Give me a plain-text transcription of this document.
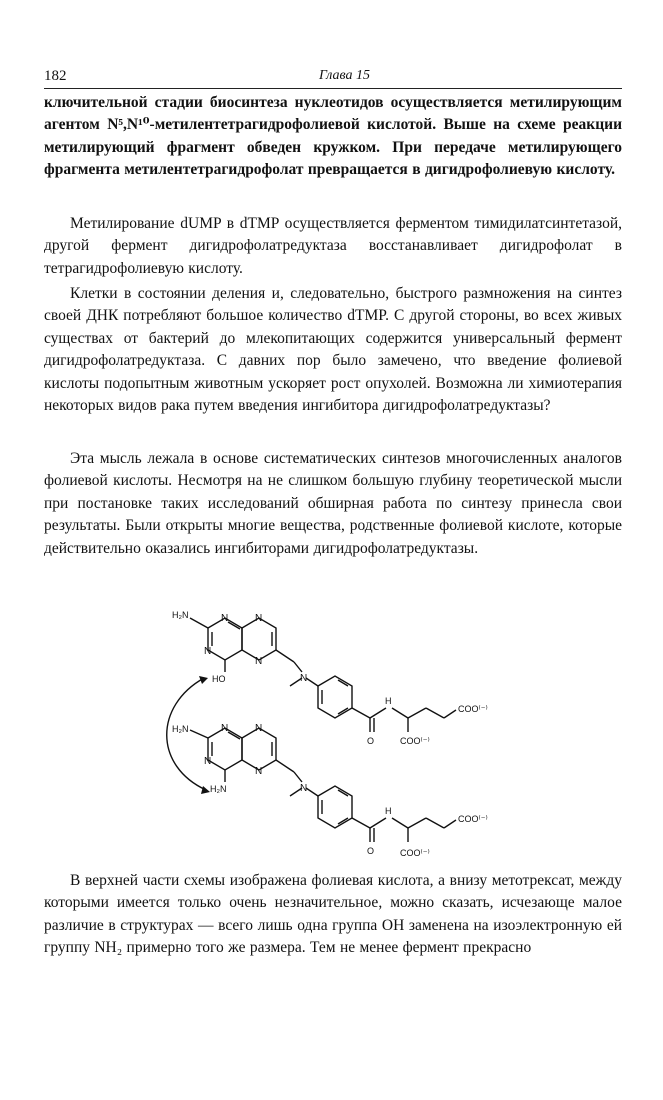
182	Глава 15

ключительной стадии биосинтеза нуклеотидов осуществляется метилирующим агентом N⁵,N¹⁰-метилентетрагидрофолиевой кислотой. Выше на схеме реакции метилирующий фрагмент обведен кружком. При передаче метилирующего фрагмента метилентетрагидрофолат превращается в дигидрофолиевую кислоту.

Метилирование dUMP в dTMP осуществляется ферментом тимидилатсинтетазой, другой фермент дигидрофолатредуктаза восстанавливает дигидрофолат в тетрагидрофолиевую кислоту.

Клетки в состоянии деления и, следовательно, быстрого размножения на синтез своей ДНК потребляют большое количество dTMP. С другой стороны, во всех живых существах от бактерий до млекопитающих содержится универсальный фермент дигидрофолатредуктаза. С давних пор было замечено, что введение фолиевой кислоты подопытным животным ускоряет рост опухолей. Возможна ли химиотерапия некоторых видов рака путем введения ингибитора дигидрофолатредуктазы?

Эта мысль лежала в основе систематических синтезов многочисленных аналогов фолиевой кислоты. Несмотря на не слишком большую глубину теоретической мысли при постановке таких исследований обширная работа по синтезу принесла свои результаты. Были открыты многие вещества, родственные фолиевой кислоте, которые действительно оказались ингибиторами дигидрофолатредуктазы.

N
N
N
N
N
H₂N
HO
H
O
COO⁽⁻⁾
COO⁽⁻⁾
N
N
N
N
N
H₂N
H₂N
H
O
COO⁽⁻⁾
COO⁽⁻⁾

В верхней части схемы изображена фолиевая кислота, а внизу метотрексат, между которыми имеется только очень незначительное, можно сказать, исчезающе малое различие в структурах — всего лишь одна группа OH заменена на изоэлектронную ей группу NH₂ примерно того же размера. Тем не менее фермент прекрасно
